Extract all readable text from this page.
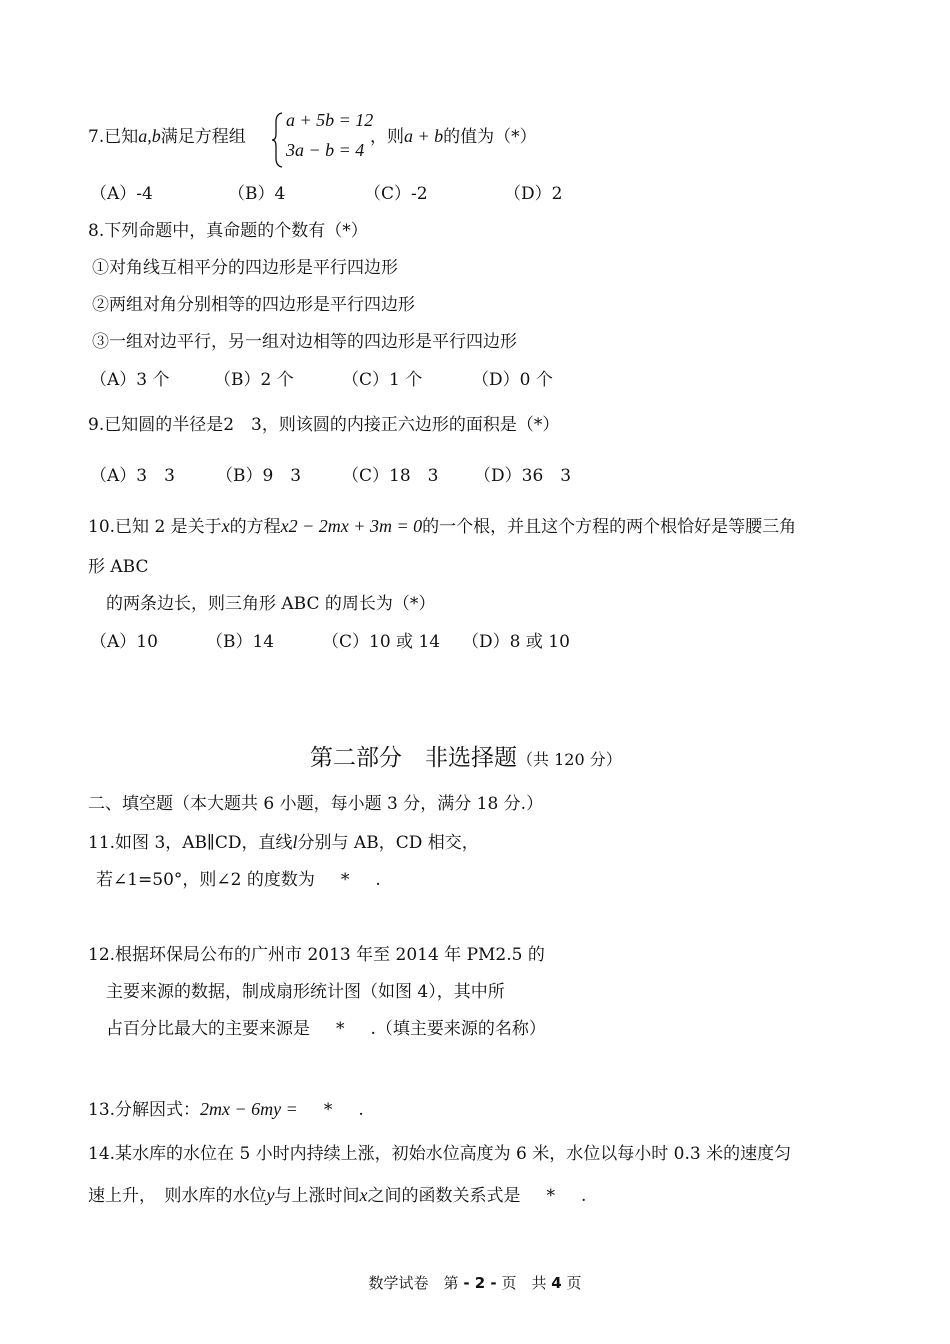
7.已知a,b满足方程组
a + 5b = 12
3a − b = 4
，则a + b的值为（*）
（A）-4	（B）4	（C）-2	（D）2
8.下列命题中，真命题的个数有（*）
①对角线互相平分的四边形是平行四边形
②两组对角分别相等的四边形是平行四边形
③一组对边平行，另一组对边相等的四边形是平行四边形
（A）3 个	（B）2 个	（C）1 个	（D）0 个
9.已知圆的半径是2　3，则该圆的内接正六边形的面积是（*）
（A）3　3 （B）9　3 （C）18　3 （D）36　3
10.已知 2 是关于x的方程x2 − 2mx + 3m = 0的一个根，并且这个方程的两个根恰好是等腰三角
形 ABC
的两条边长，则三角形 ABC 的周长为（*）
（A）10	（B）14	（C）10 或 14 （D）8 或 10
第二部分　非选择题（共 120 分）
二、填空题（本大题共 6 小题，每小题 3 分，满分 18 分.）
11.如图 3，AB∥CD，直线l分别与 AB，CD 相交，
若∠1=50°，则∠2 的度数为 * .
12.根据环保局公布的广州市 2013 年至 2014 年 PM2.5 的
主要来源的数据，制成扇形统计图（如图 4），其中所
占百分比最大的主要来源是 * .（填主要来源的名称）
13.分解因式：2mx − 6my = * .
14.某水库的水位在 5 小时内持续上涨，初始水位高度为 6 米，水位以每小时 0.3 米的速度匀
速上升，　则水库的水位y与上涨时间x之间的函数关系式是 * .
数学试卷　第 - 2 - 页　共 4 页
